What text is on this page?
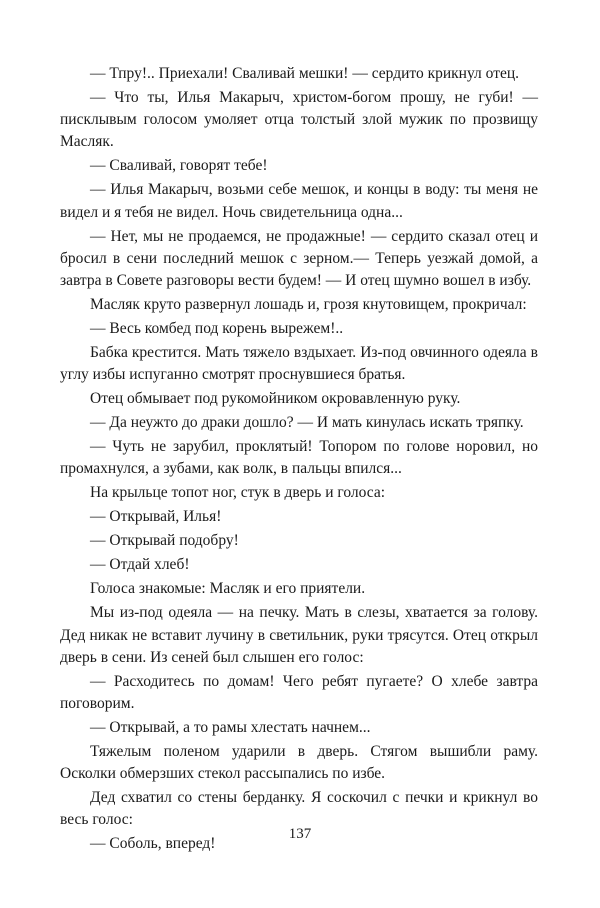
— Тпру!.. Приехали! Сваливай мешки! — сердито крикнул отец.

— Что ты, Илья Макарыч, христом-богом прошу, не губи! — писклывым голосом умоляет отца толстый злой мужик по прозвищу Масляк.

— Сваливай, говорят тебе!

— Илья Макарыч, возьми себе мешок, и концы в воду: ты меня не видел и я тебя не видел. Ночь свидетельница одна...

— Нет, мы не продаемся, не продажные! — сердито сказал отец и бросил в сени последний мешок с зерном.— Теперь уезжай домой, а завтра в Совете разговоры вести будем! — И отец шумно вошел в избу.

Масляк круто развернул лошадь и, грозя кнутовищем, прокричал:

— Весь комбед под корень вырежем!..

Бабка крестится. Мать тяжело вздыхает. Из-под овчинного одеяла в углу избы испуганно смотрят проснувшиеся братья.

Отец обмывает под рукомойником окровавленную руку.

— Да неужто до драки дошло? — И мать кинулась искать тряпку.

— Чуть не зарубил, проклятый! Топором по голове норовил, но промахнулся, а зубами, как волк, в пальцы впился...

На крыльце топот ног, стук в дверь и голоса:

— Открывай, Илья!

— Открывай подобру!

— Отдай хлеб!

Голоса знакомые: Масляк и его приятели.

Мы из-под одеяла — на печку. Мать в слезы, хватается за голову. Дед никак не вставит лучину в светильник, руки трясутся. Отец открыл дверь в сени. Из сеней был слышен его голос:

— Расходитесь по домам! Чего ребят пугаете? О хлебе завтра поговорим.

— Открывай, а то рамы хлестать начнем...

Тяжелым поленом ударили в дверь. Стягом вышибли раму. Осколки обмерзших стекол рассыпались по избе.

Дед схватил со стены берданку. Я соскочил с печки и крикнул во весь голос:

— Соболь, вперед!

137
